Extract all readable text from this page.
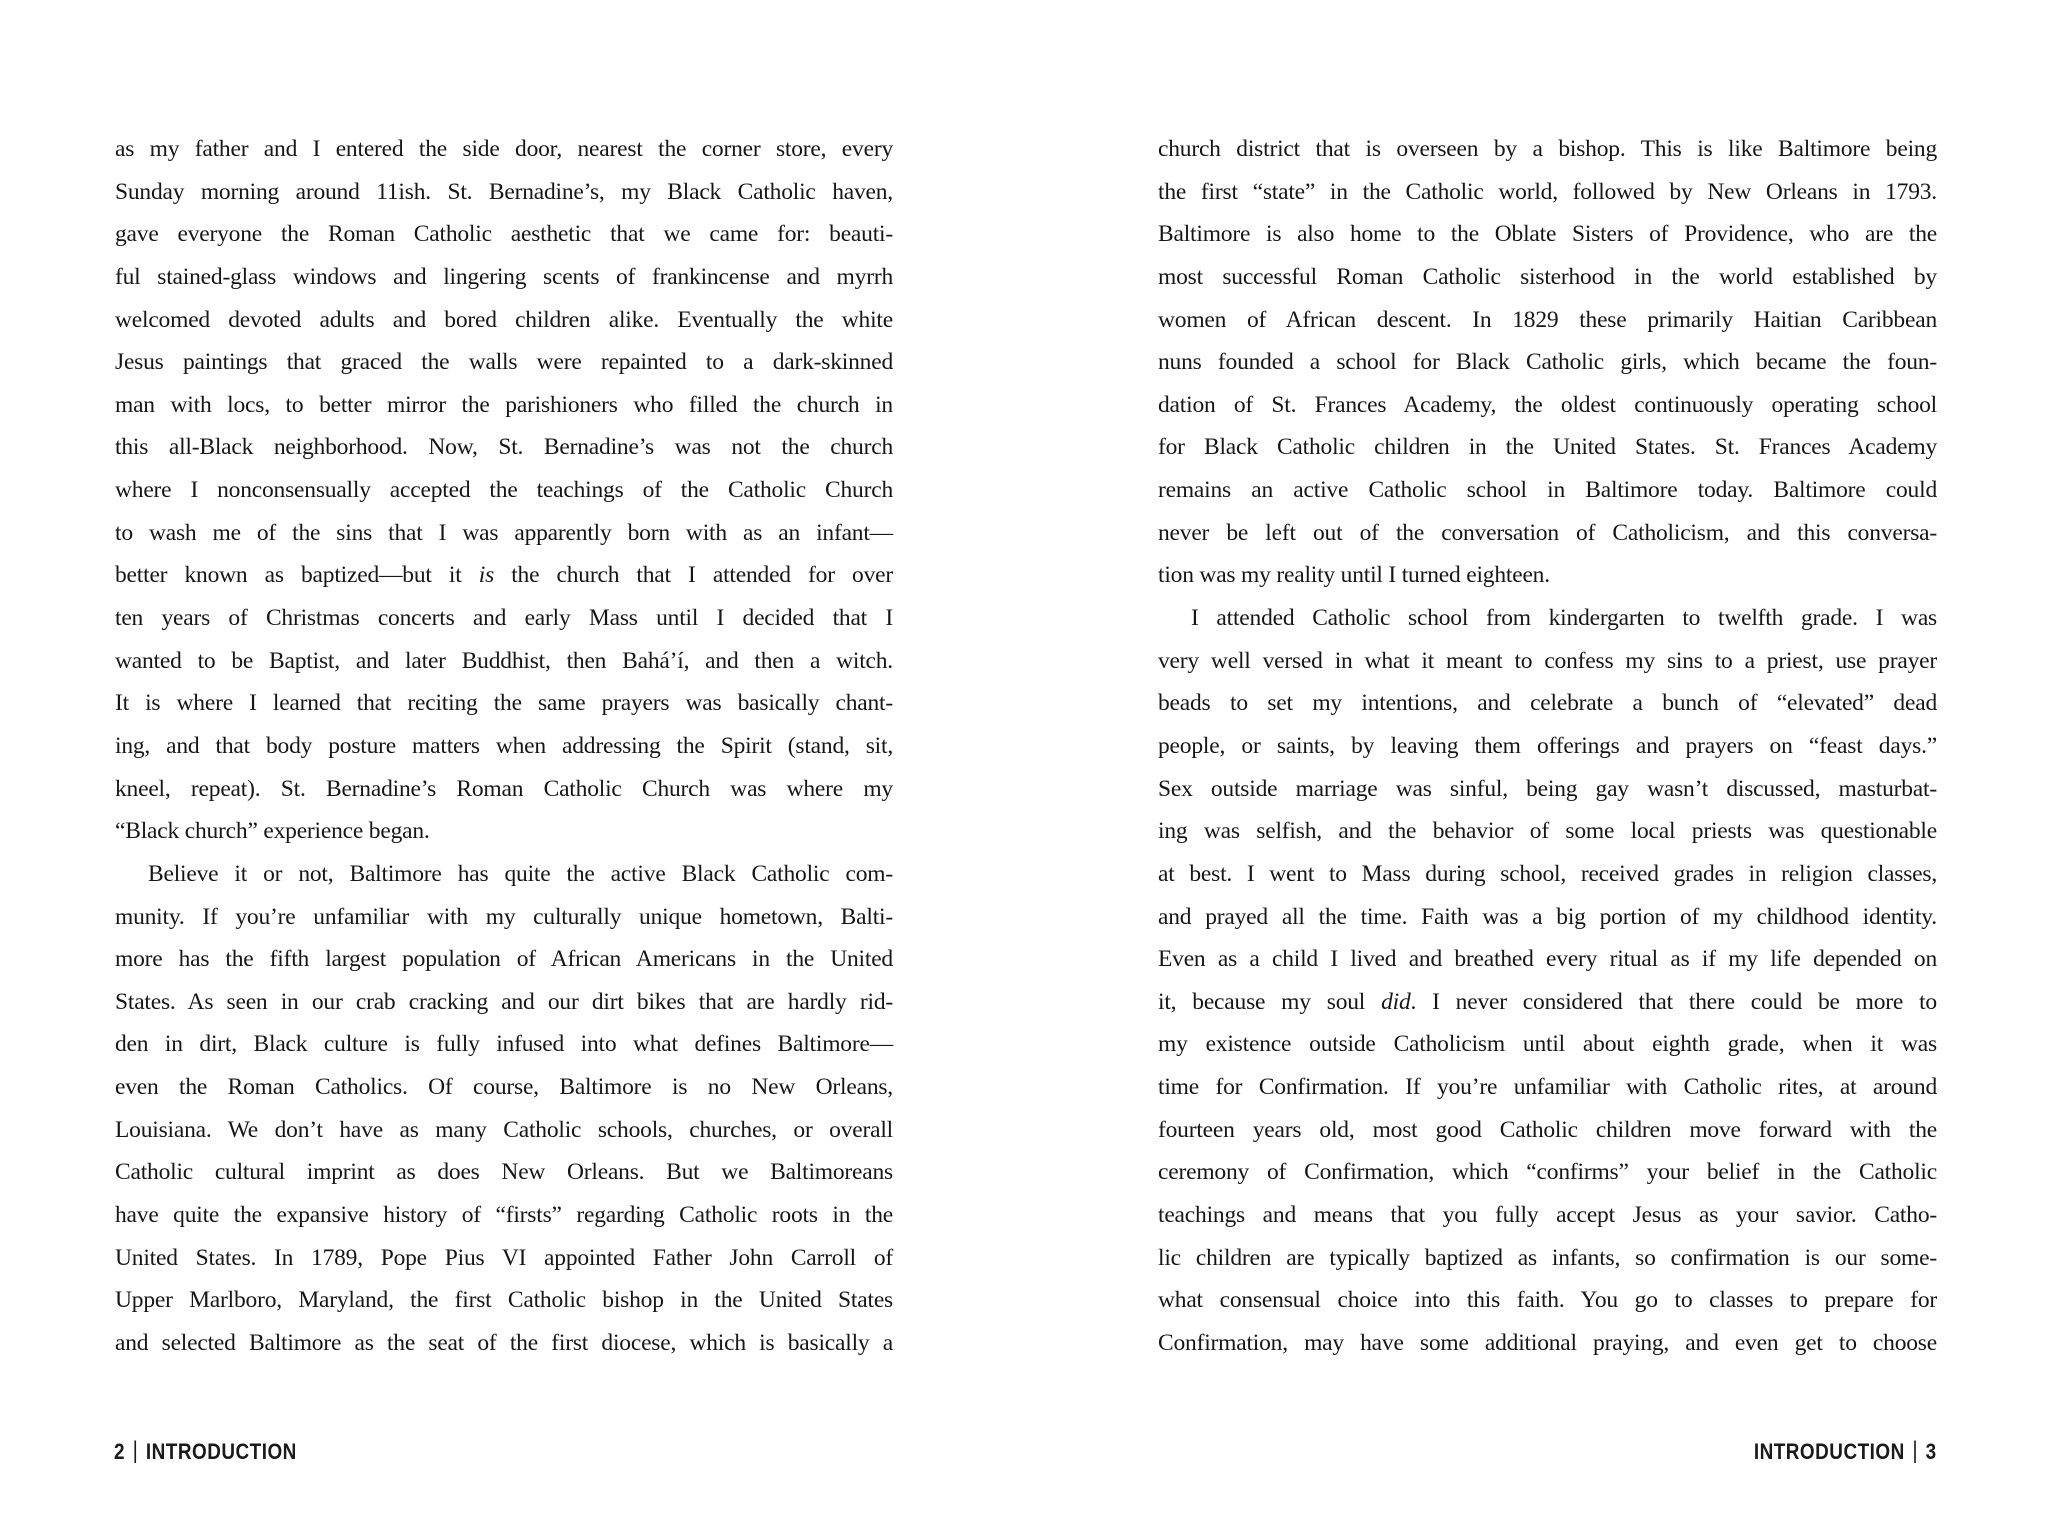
as my father and I entered the side door, nearest the corner store, every
Sunday morning around 11ish. St. Bernadine’s, my Black Catholic haven,
gave everyone the Roman Catholic aesthetic that we came for: beauti-
ful stained-glass windows and lingering scents of frankincense and myrrh
welcomed devoted adults and bored children alike. Eventually the white
Jesus paintings that graced the walls were repainted to a dark-skinned
man with locs, to better mirror the parishioners who filled the church in
this all-Black neighborhood. Now, St. Bernadine’s was not the church
where I nonconsensually accepted the teachings of the Catholic Church
to wash me of the sins that I was apparently born with as an infant—
better known as baptized—but it is the church that I attended for over
ten years of Christmas concerts and early Mass until I decided that I
wanted to be Baptist, and later Buddhist, then Bahá’í, and then a witch.
It is where I learned that reciting the same prayers was basically chant-
ing, and that body posture matters when addressing the Spirit (stand, sit,
kneel, repeat). St. Bernadine’s Roman Catholic Church was where my
“Black church” experience began.
Believe it or not, Baltimore has quite the active Black Catholic com-
munity. If you’re unfamiliar with my culturally unique hometown, Balti-
more has the fifth largest population of African Americans in the United
States. As seen in our crab cracking and our dirt bikes that are hardly rid-
den in dirt, Black culture is fully infused into what defines Baltimore—
even the Roman Catholics. Of course, Baltimore is no New Orleans,
Louisiana. We don’t have as many Catholic schools, churches, or overall
Catholic cultural imprint as does New Orleans. But we Baltimoreans
have quite the expansive history of “firsts” regarding Catholic roots in the
United States. In 1789, Pope Pius VI appointed Father John Carroll of
Upper Marlboro, Maryland, the first Catholic bishop in the United States
and selected Baltimore as the seat of the first diocese, which is basically a
2 | INTRODUCTION
church district that is overseen by a bishop. This is like Baltimore being
the first “state” in the Catholic world, followed by New Orleans in 1793.
Baltimore is also home to the Oblate Sisters of Providence, who are the
most successful Roman Catholic sisterhood in the world established by
women of African descent. In 1829 these primarily Haitian Caribbean
nuns founded a school for Black Catholic girls, which became the foun-
dation of St. Frances Academy, the oldest continuously operating school
for Black Catholic children in the United States. St. Frances Academy
remains an active Catholic school in Baltimore today. Baltimore could
never be left out of the conversation of Catholicism, and this conversa-
tion was my reality until I turned eighteen.
I attended Catholic school from kindergarten to twelfth grade. I was
very well versed in what it meant to confess my sins to a priest, use prayer
beads to set my intentions, and celebrate a bunch of “elevated” dead
people, or saints, by leaving them offerings and prayers on “feast days.”
Sex outside marriage was sinful, being gay wasn’t discussed, masturbat-
ing was selfish, and the behavior of some local priests was questionable
at best. I went to Mass during school, received grades in religion classes,
and prayed all the time. Faith was a big portion of my childhood identity.
Even as a child I lived and breathed every ritual as if my life depended on
it, because my soul did. I never considered that there could be more to
my existence outside Catholicism until about eighth grade, when it was
time for Confirmation. If you’re unfamiliar with Catholic rites, at around
fourteen years old, most good Catholic children move forward with the
ceremony of Confirmation, which “confirms” your belief in the Catholic
teachings and means that you fully accept Jesus as your savior. Catho-
lic children are typically baptized as infants, so confirmation is our some-
what consensual choice into this faith. You go to classes to prepare for
Confirmation, may have some additional praying, and even get to choose
INTRODUCTION | 3
